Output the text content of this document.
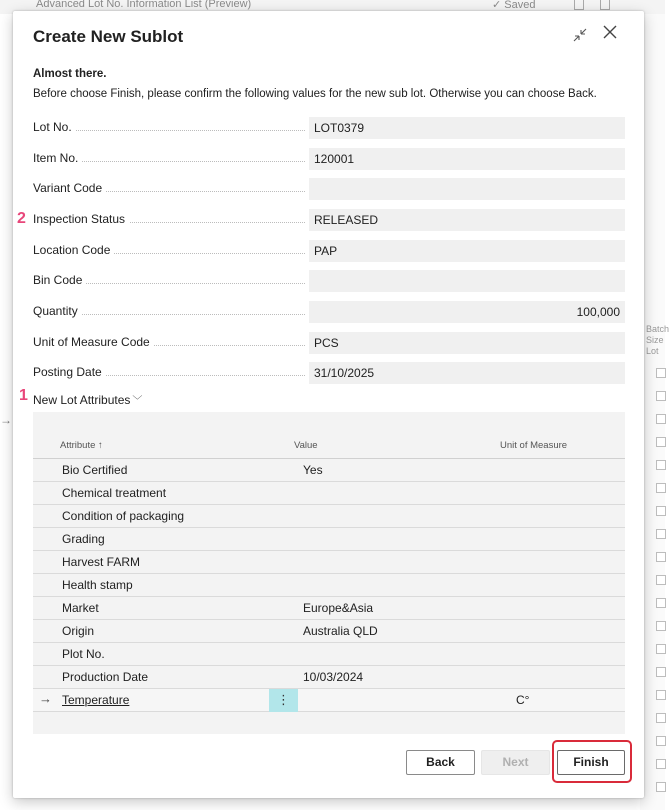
Advanced Lot No. Information List (Preview)	✓ Saved
Batch
Size
Lot
→
Create New Sublot
Almost there.
Before choose Finish, please confirm the following values for the new sub lot. Otherwise you can choose Back.
Lot No.	LOT0379
Item No.	120001
Variant Code
Inspection Status	RELEASED
Location Code	PAP
Bin Code
Quantity	100,000
Unit of Measure Code	PCS
Posting Date	31/10/2025
2
1 New Lot Attributes ﹀
Attribute ↑	Value	Unit of Measure
Bio Certified	Yes
Chemical treatment
Condition of packaging
Grading
Harvest FARM
Health stamp
Market	Europe&Asia
Origin	Australia QLD
Plot No.
Production Date	10/03/2024
→ Temperature	⋮	C°
Back	Next	Finish
